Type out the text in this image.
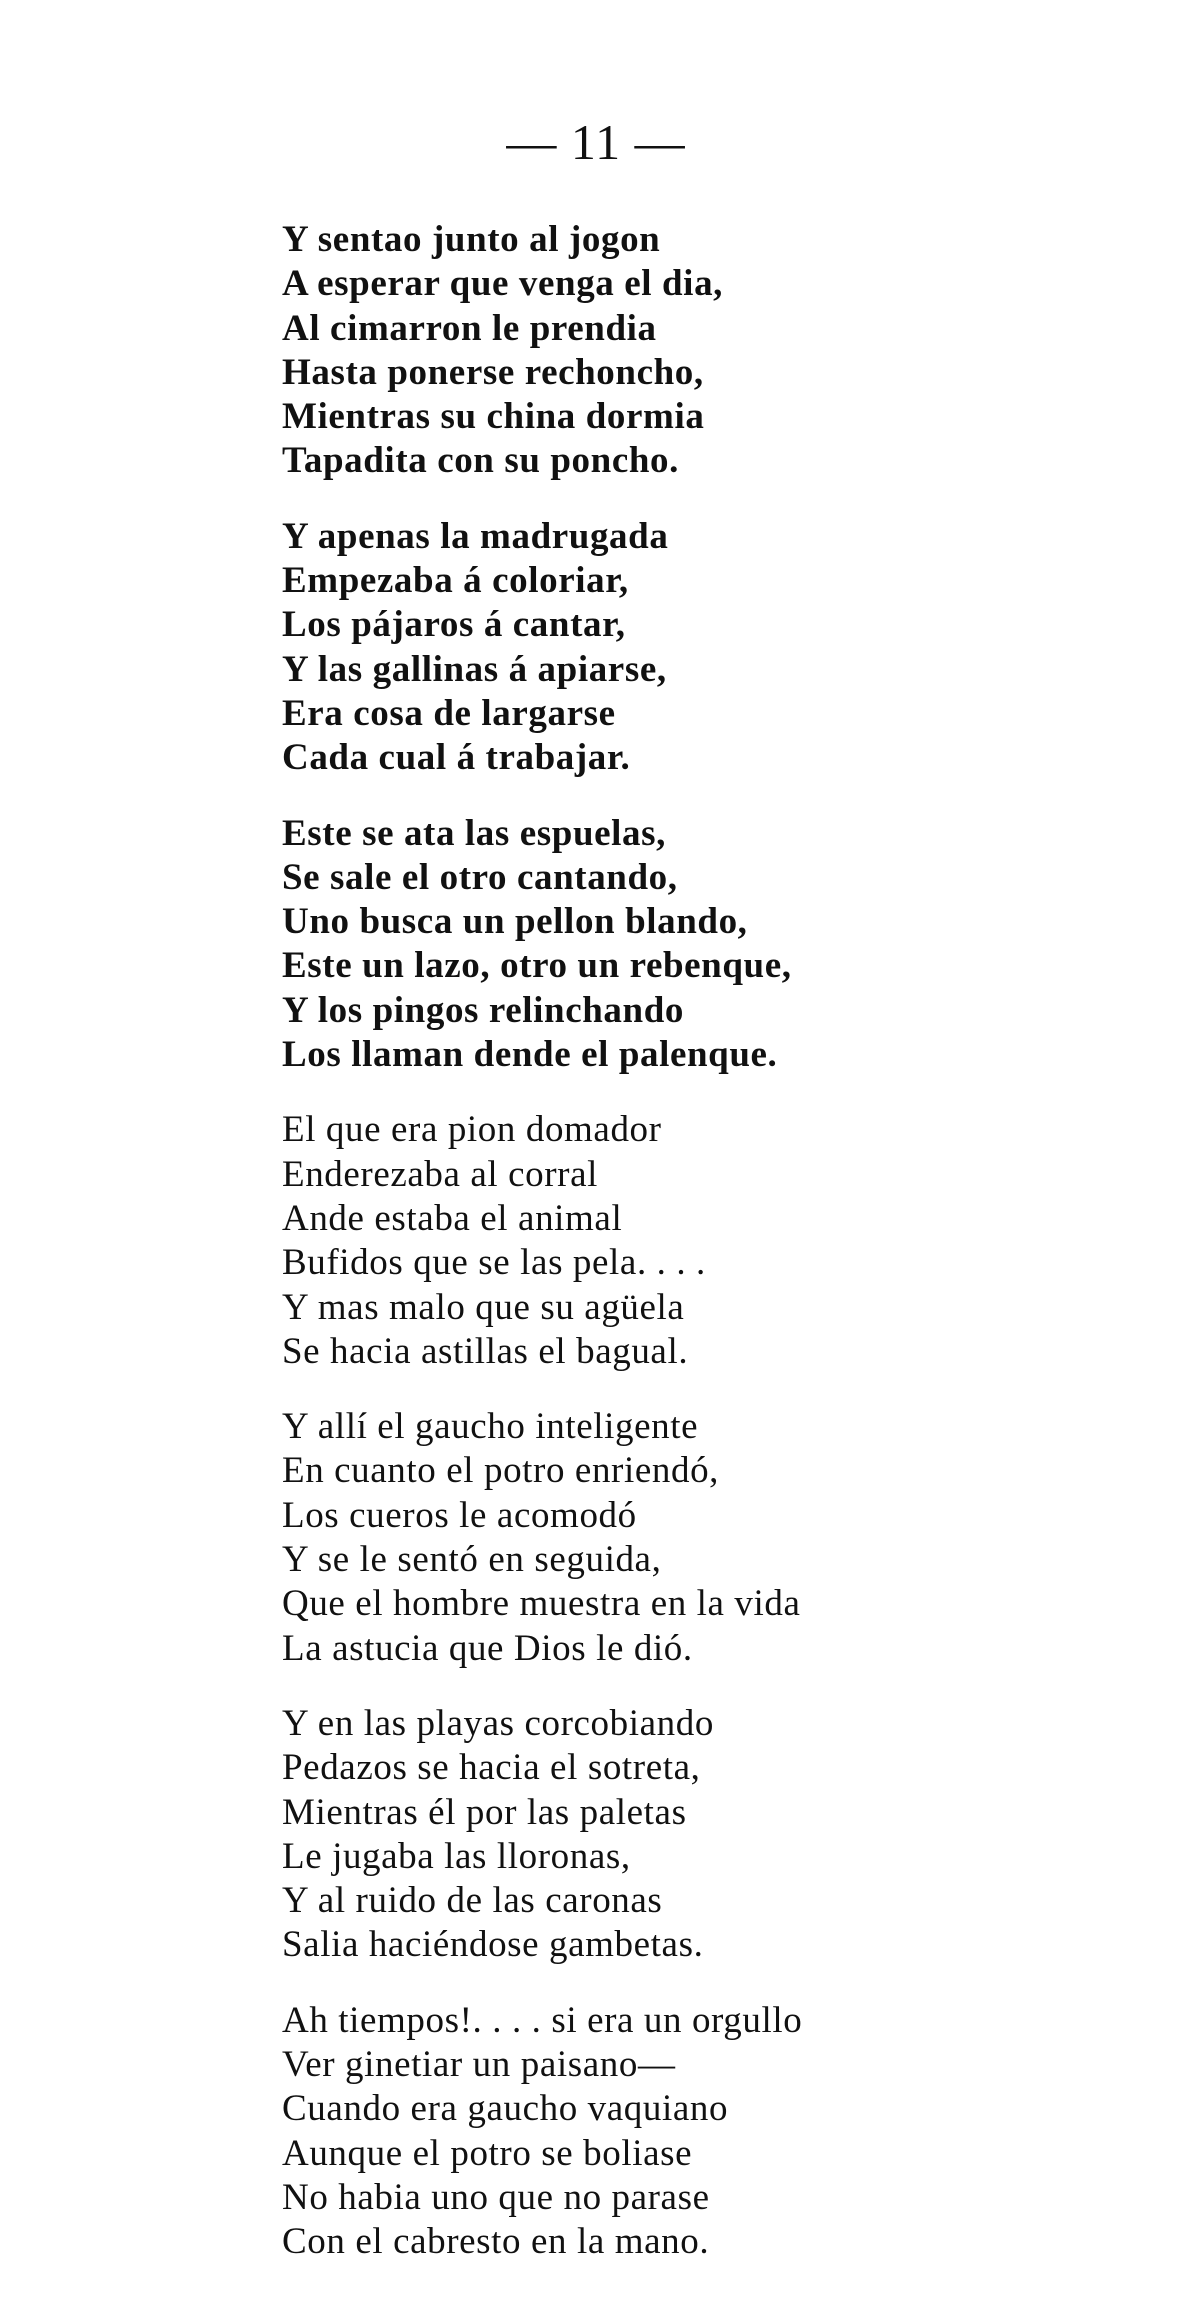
— 11 —
Y sentao junto al jogon
A esperar que venga el dia,
Al cimarron le prendia
Hasta ponerse rechoncho,
Mientras su china dormia
Tapadita con su poncho.
Y apenas la madrugada
Empezaba á coloriar,
Los pájaros á cantar,
Y las gallinas á apiarse,
Era cosa de largarse
Cada cual á trabajar.
Este se ata las espuelas,
Se sale el otro cantando,
Uno busca un pellon blando,
Este un lazo, otro un rebenque,
Y los pingos relinchando
Los llaman dende el palenque.
El que era pion domador
Enderezaba al corral
Ande estaba el animal
Bufidos que se las pela. . . .
Y mas malo que su agüela
Se hacia astillas el bagual.
Y allí el gaucho inteligente
En cuanto el potro enriendó,
Los cueros le acomodó
Y se le sentó en seguida,
Que el hombre muestra en la vida
La astucia que Dios le dió.
Y en las playas corcobiando
Pedazos se hacia el sotreta,
Mientras él por las paletas
Le jugaba las lloronas,
Y al ruido de las caronas
Salia haciéndose gambetas.
Ah tiempos!. . . . si era un orgullo
Ver ginetiar un paisano—
Cuando era gaucho vaquiano
Aunque el potro se boliase
No habia uno que no parase
Con el cabresto en la mano.
